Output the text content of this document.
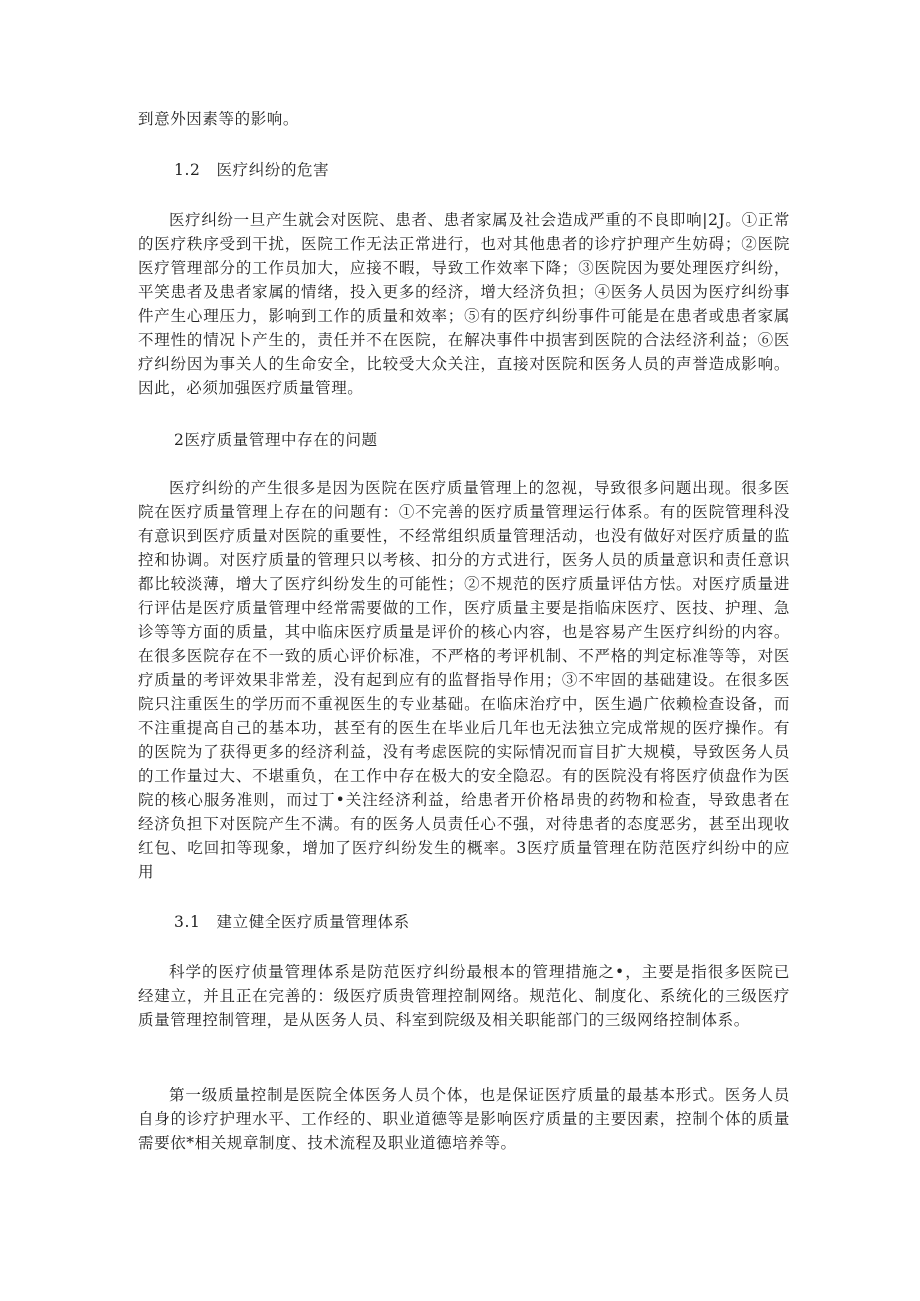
到意外因素等的影响。

1.2　医疗纠纷的危害

医疗纠纷一旦产生就会对医院、患者、患者家属及社会造成严重的不良即响|2J。①正常的医疗秩序受到干扰，医院工作无法正常进行，也对其他患者的诊疗护理产生妨碍；②医院医疗管理部分的工作员加大，应接不暇，导致工作效率下降；③医院因为要处理医疗纠纷，平笑患者及患者家属的情绪，投入更多的经济，增大经济负担；④医务人员因为医疗纠纷事件产生心理压力，影响到工作的质量和效率；⑤有的医疗纠纷事件可能是在患者或患者家属不理性的情况卜产生的，责任并不在医院，在解决事件中损害到医院的合法经济利益；⑥医疗纠纷因为事关人的生命安全，比较受大众关注，直接对医院和医务人员的声誉造成影响。因此，必须加强医疗质量管理。

2医疗质量管理中存在的问题

医疗纠纷的产生很多是因为医院在医疗质量管理上的忽视，导致很多问题出现。很多医院在医疗质量管理上存在的问题有：①不完善的医疗质量管理运行体系。有的医院管理科没有意识到医疗质量对医院的重要性，不经常组织质量管理活动，也没有做好对医疗质量的监控和协调。对医疗质量的管理只以考核、扣分的方式进行，医务人员的质量意识和责任意识都比较淡薄，增大了医疗纠纷发生的可能性；②不规范的医疗质量评估方怯。对医疗质量进行评估是医疗质量管理中经常需要做的工作，医疗质量主要是指临床医疗、医技、护理、急诊等等方面的质量，其中临床医疗质量是评价的核心内容，也是容易产生医疗纠纷的内容。在很多医院存在不一致的质心评价标准，不严格的考评机制、不严格的判定标准等等，对医疗质量的考评效果非常差，没有起到应有的监督指导作用；③不牢固的基础建设。在很多医院只注重医生的学历而不重视医生的专业基础。在临床治疗中，医生過广依赖检查设备，而不注重提高自己的基本功，甚至有的医生在毕业后几年也无法独立完成常规的医疗操作。有的医院为了获得更多的经济利益，没有考虑医院的实际情况而盲目扩大规模，导致医务人员的工作量过大、不堪重负，在工作中存在极大的安全隐忍。有的医院没有将医疗侦盘作为医院的核心服务准则，而过丁•关注经济利益，给患者开价格昂贵的药物和检查，导致患者在经济负担下对医院产生不满。有的医务人员责任心不强，对待患者的态度恶劣，甚至出现收红包、吃回扣等现象，增加了医疗纠纷发生的概率。3医疗质量管理在防范医疗纠纷中的应用

3.1　建立健全医疗质量管理体系

科学的医疗侦量管理体系是防范医疗纠纷最根本的管理措施之•，主要是指很多医院已经建立，并且正在完善的：级医疗质贵管理控制网络。规范化、制度化、系统化的三级医疗质量管理控制管理，是从医务人员、科室到院级及相关职能部门的三级网络控制体系。

第一级质量控制是医院全体医务人员个体，也是保证医疗质量的最基本形式。医务人员自身的诊疗护理水平、工作经的、职业道德等是影响医疗质量的主要因素，控制个体的质量需要依*相关规章制度、技术流程及职业道德培养等。
